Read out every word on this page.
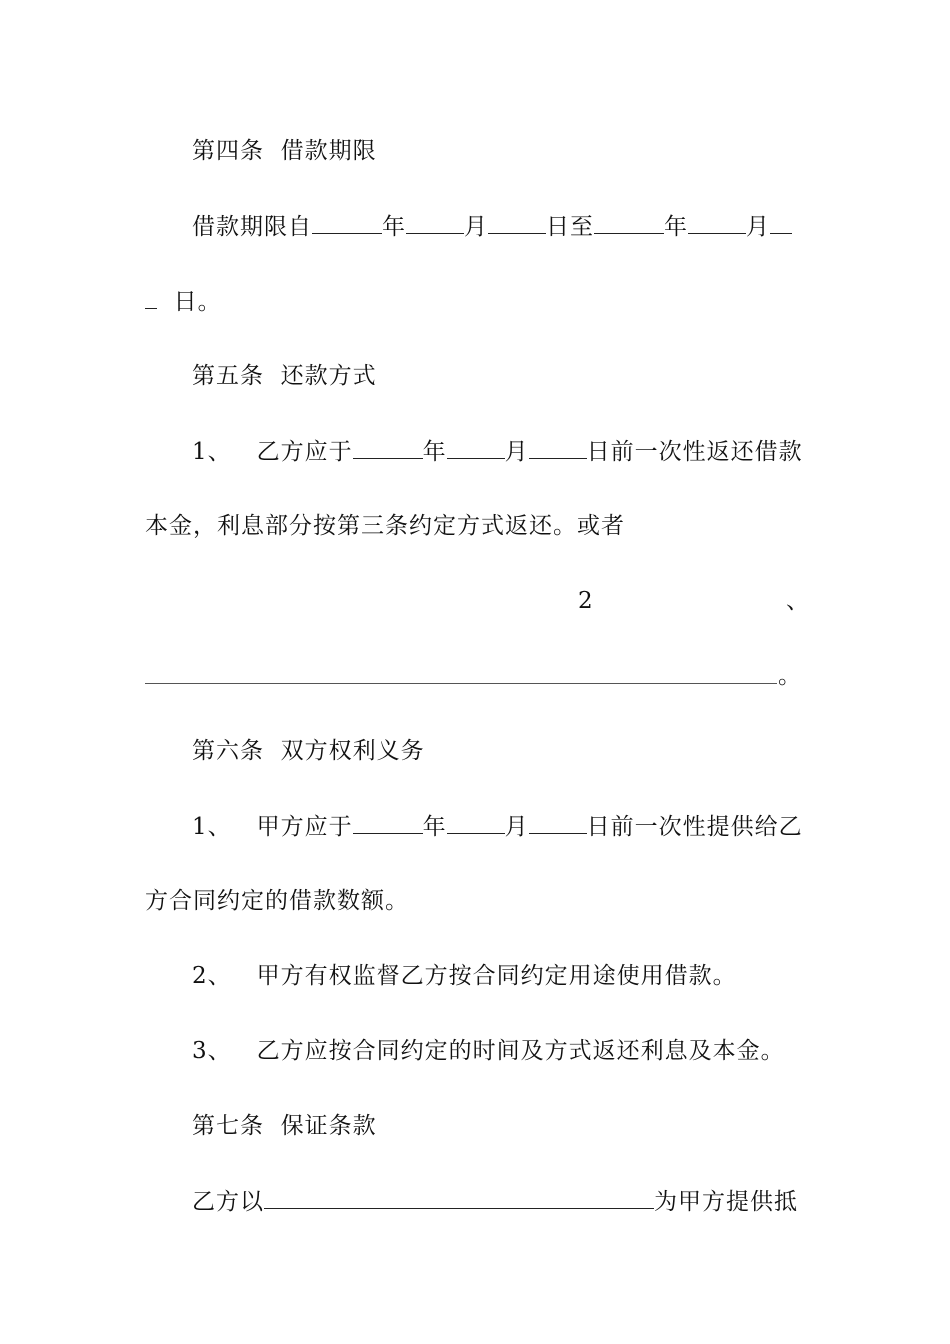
第四条  借款期限
借款期限自	年	月	日至	年	月
日。
第五条  还款方式
1、 乙方应于	年	月	日前一次性返还借款
本金，利息部分按第三条约定方式返还。或者
2	、
。
第六条  双方权利义务
1、 甲方应于	年	月	日前一次性提供给乙
方合同约定的借款数额。
2、   甲方有权监督乙方按合同约定用途使用借款。
3、   乙方应按合同约定的时间及方式返还利息及本金。
第七条  保证条款
乙方以	为甲方提供抵
